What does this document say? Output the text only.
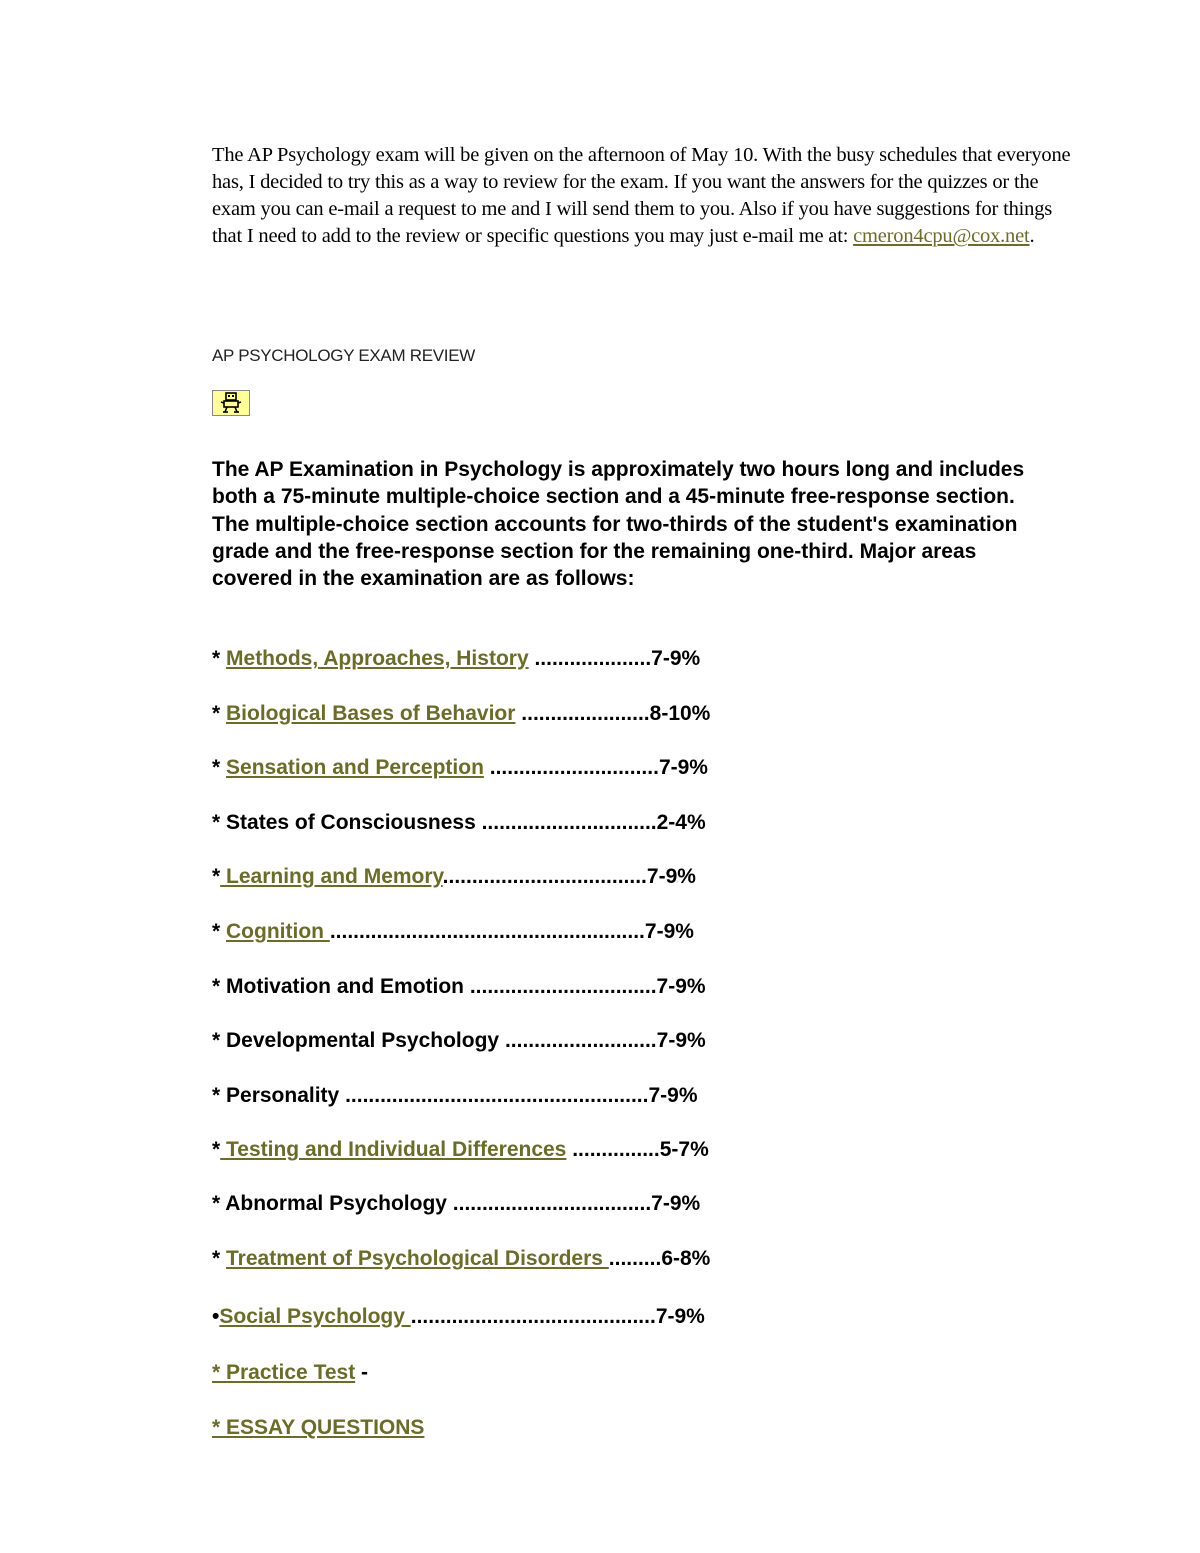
The AP Psychology exam will be given on the afternoon of May 10. With the busy schedules that everyone has, I decided to try this as a way to review for the exam. If you want the answers for the quizzes or the exam you can e-mail a request to me and I will send them to you. Also if you have suggestions for things that I need to add to the review or specific questions you may just e-mail me at: cmeron4cpu@cox.net.
AP PSYCHOLOGY EXAM REVIEW
The AP Examination in Psychology is approximately two hours long and includes both a 75-minute multiple-choice section and a 45-minute free-response section. The multiple-choice section accounts for two-thirds of the student's examination grade and the free-response section for the remaining one-third. Major areas covered in the examination are as follows:
* Methods, Approaches, History ....................7-9%
* Biological Bases of Behavior ......................8-10%
* Sensation and Perception .............................7-9%
* States of Consciousness ..............................2-4%
* Learning and Memory...................................7-9%
* Cognition ......................................................7-9%
* Motivation and Emotion ................................7-9%
* Developmental Psychology ..........................7-9%
* Personality ....................................................7-9%
* Testing and Individual Differences ...............5-7%
* Abnormal Psychology ..................................7-9%
* Treatment of Psychological Disorders .........6-8%
•Social Psychology ..........................................7-9%
* Practice Test -
* ESSAY QUESTIONS
